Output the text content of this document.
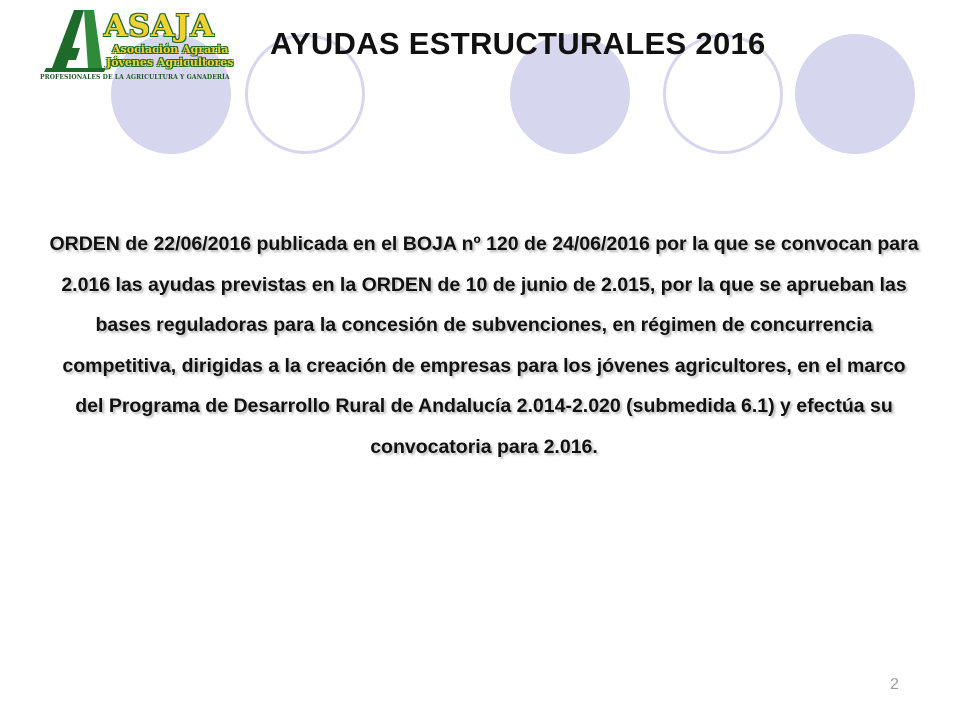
ASAJA
Asociación Agraria
Jóvenes Agricultores
PROFESIONALES DE LA AGRICULTURA Y GANADERÍA
AYUDAS ESTRUCTURALES 2016

ORDEN de 22/06/2016 publicada en el BOJA nº 120 de 24/06/2016 por la que se convocan para 2.016 las ayudas previstas en la ORDEN de 10 de junio de 2.015, por la que se aprueban las bases reguladoras para la concesión de subvenciones, en régimen de concurrencia competitiva, dirigidas a la creación de empresas para los jóvenes agricultores, en el marco del Programa de Desarrollo Rural de Andalucía 2.014-2.020 (submedida 6.1) y efectúa su convocatoria para 2.016.

2
